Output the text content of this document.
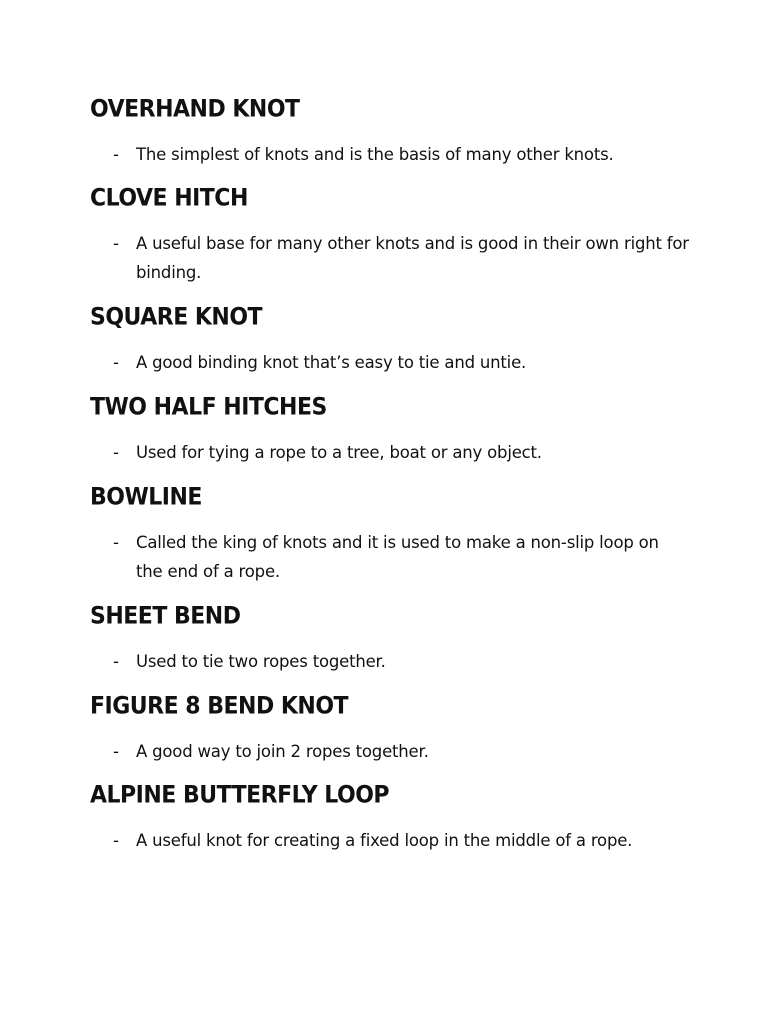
OVERHAND KNOT
- The simplest of knots and is the basis of many other knots.
CLOVE HITCH
- A useful base for many other knots and is good in their own right for binding.
SQUARE KNOT
- A good binding knot that’s easy to tie and untie.
TWO HALF HITCHES
- Used for tying a rope to a tree, boat or any object.
BOWLINE
- Called the king of knots and it is used to make a non-slip loop on the end of a rope.
SHEET BEND
- Used to tie two ropes together.
FIGURE 8 BEND KNOT
- A good way to join 2 ropes together.
ALPINE BUTTERFLY LOOP
- A useful knot for creating a fixed loop in the middle of a rope.
